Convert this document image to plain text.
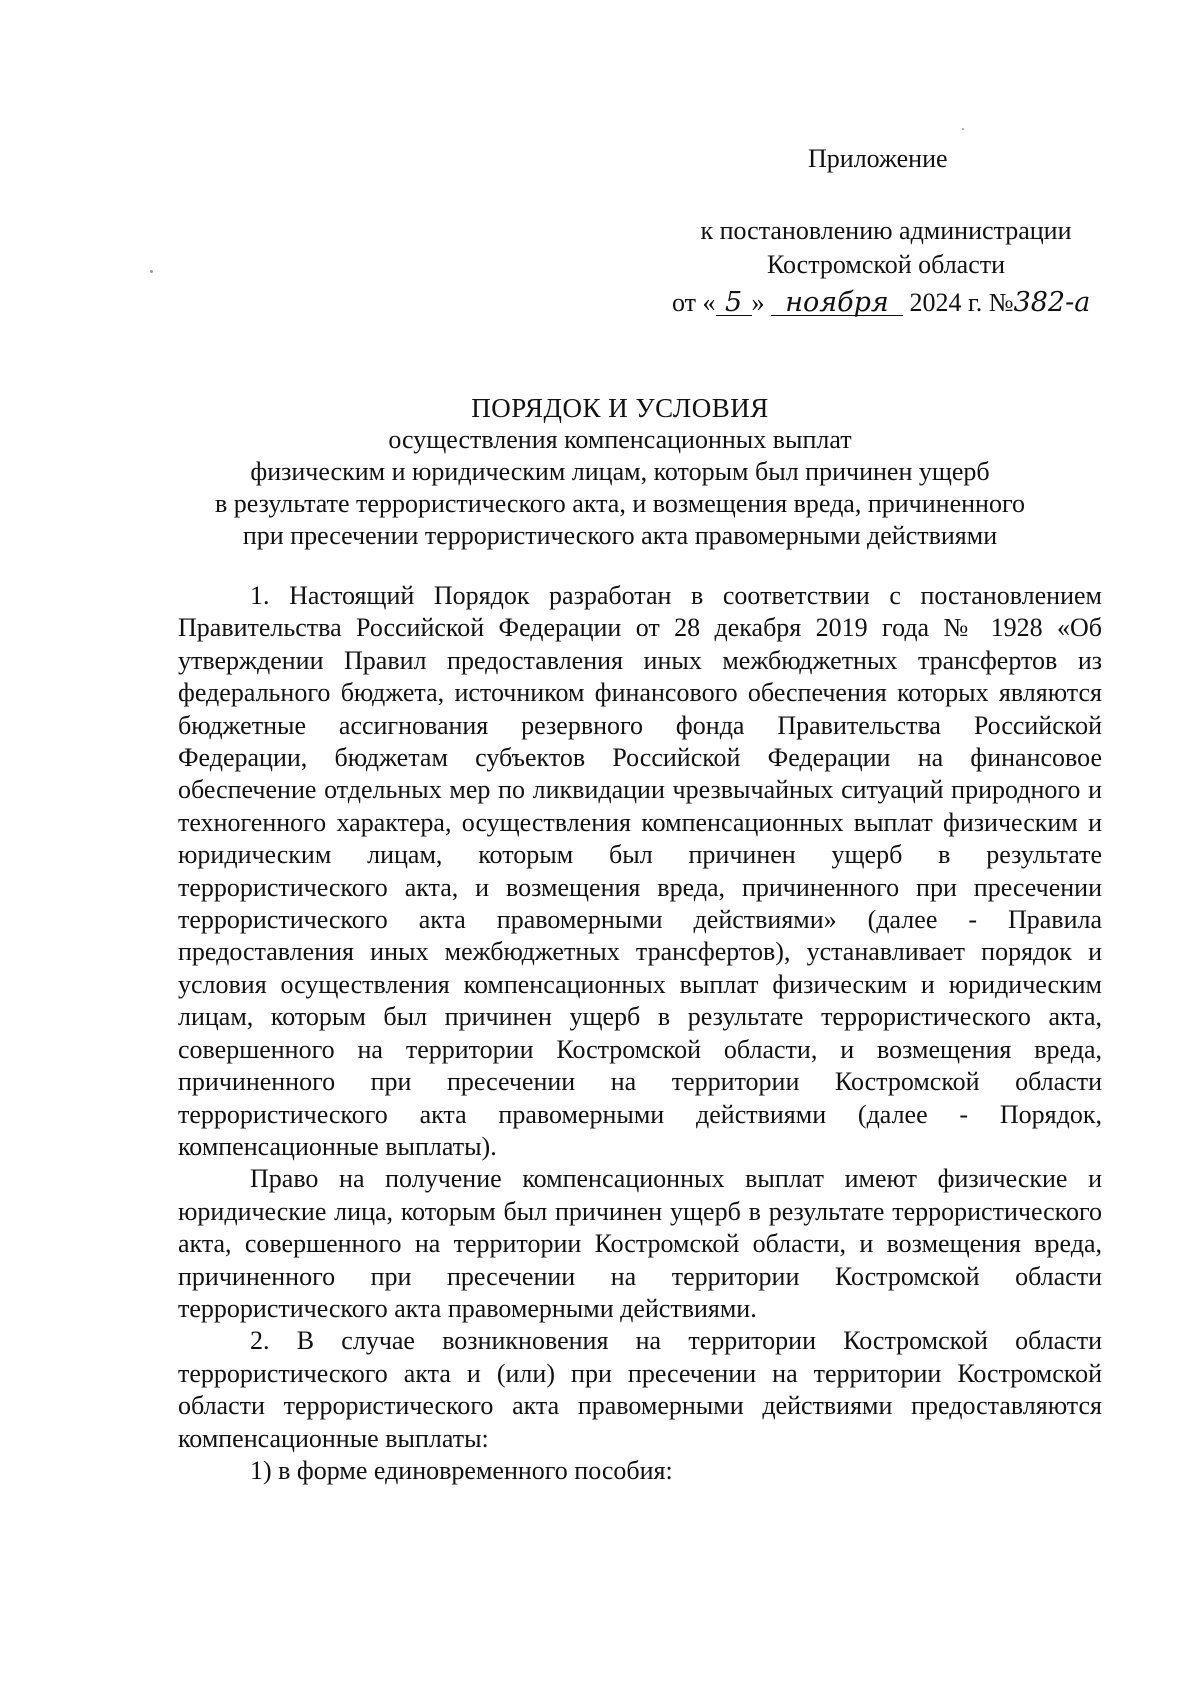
Приложение
к постановлению администрации
Костромской области
от « 5 » ноября 2024 г. №382-а
ПОРЯДОК И УСЛОВИЯ
осуществления компенсационных выплат
физическим и юридическим лицам, которым был причинен ущерб
в результате террористического акта, и возмещения вреда, причиненного
при пресечении террористического акта правомерными действиями

1. Настоящий Порядок разработан в соответствии с постановлением Правительства Российской Федерации от 28 декабря 2019 года № 1928 «Об утверждении Правил предоставления иных межбюджетных трансфертов из федерального бюджета, источником финансового обеспечения которых являются бюджетные ассигнования резервного фонда Правительства Российской Федерации, бюджетам субъектов Российской Федерации на финансовое обеспечение отдельных мер по ликвидации чрезвычайных ситуаций природного и техногенного характера, осуществления компенсационных выплат физическим и юридическим лицам, которым был причинен ущерб в результате террористического акта, и возмещения вреда, причиненного при пресечении террористического акта правомерными действиями» (далее - Правила предоставления иных межбюджетных трансфертов), устанавливает порядок и условия осуществления компенсационных выплат физическим и юридическим лицам, которым был причинен ущерб в результате террористического акта, совершенного на территории Костромской области, и возмещения вреда, причиненного при пресечении на территории Костромской области террористического акта правомерными действиями (далее - Порядок, компенсационные выплаты).

Право на получение компенсационных выплат имеют физические и юридические лица, которым был причинен ущерб в результате террористического акта, совершенного на территории Костромской области, и возмещения вреда, причиненного при пресечении на территории Костромской области террористического акта правомерными действиями.

2. В случае возникновения на территории Костромской области террористического акта и (или) при пресечении на территории Костромской области террористического акта правомерными действиями предоставляются компенсационные выплаты:

1) в форме единовременного пособия:
